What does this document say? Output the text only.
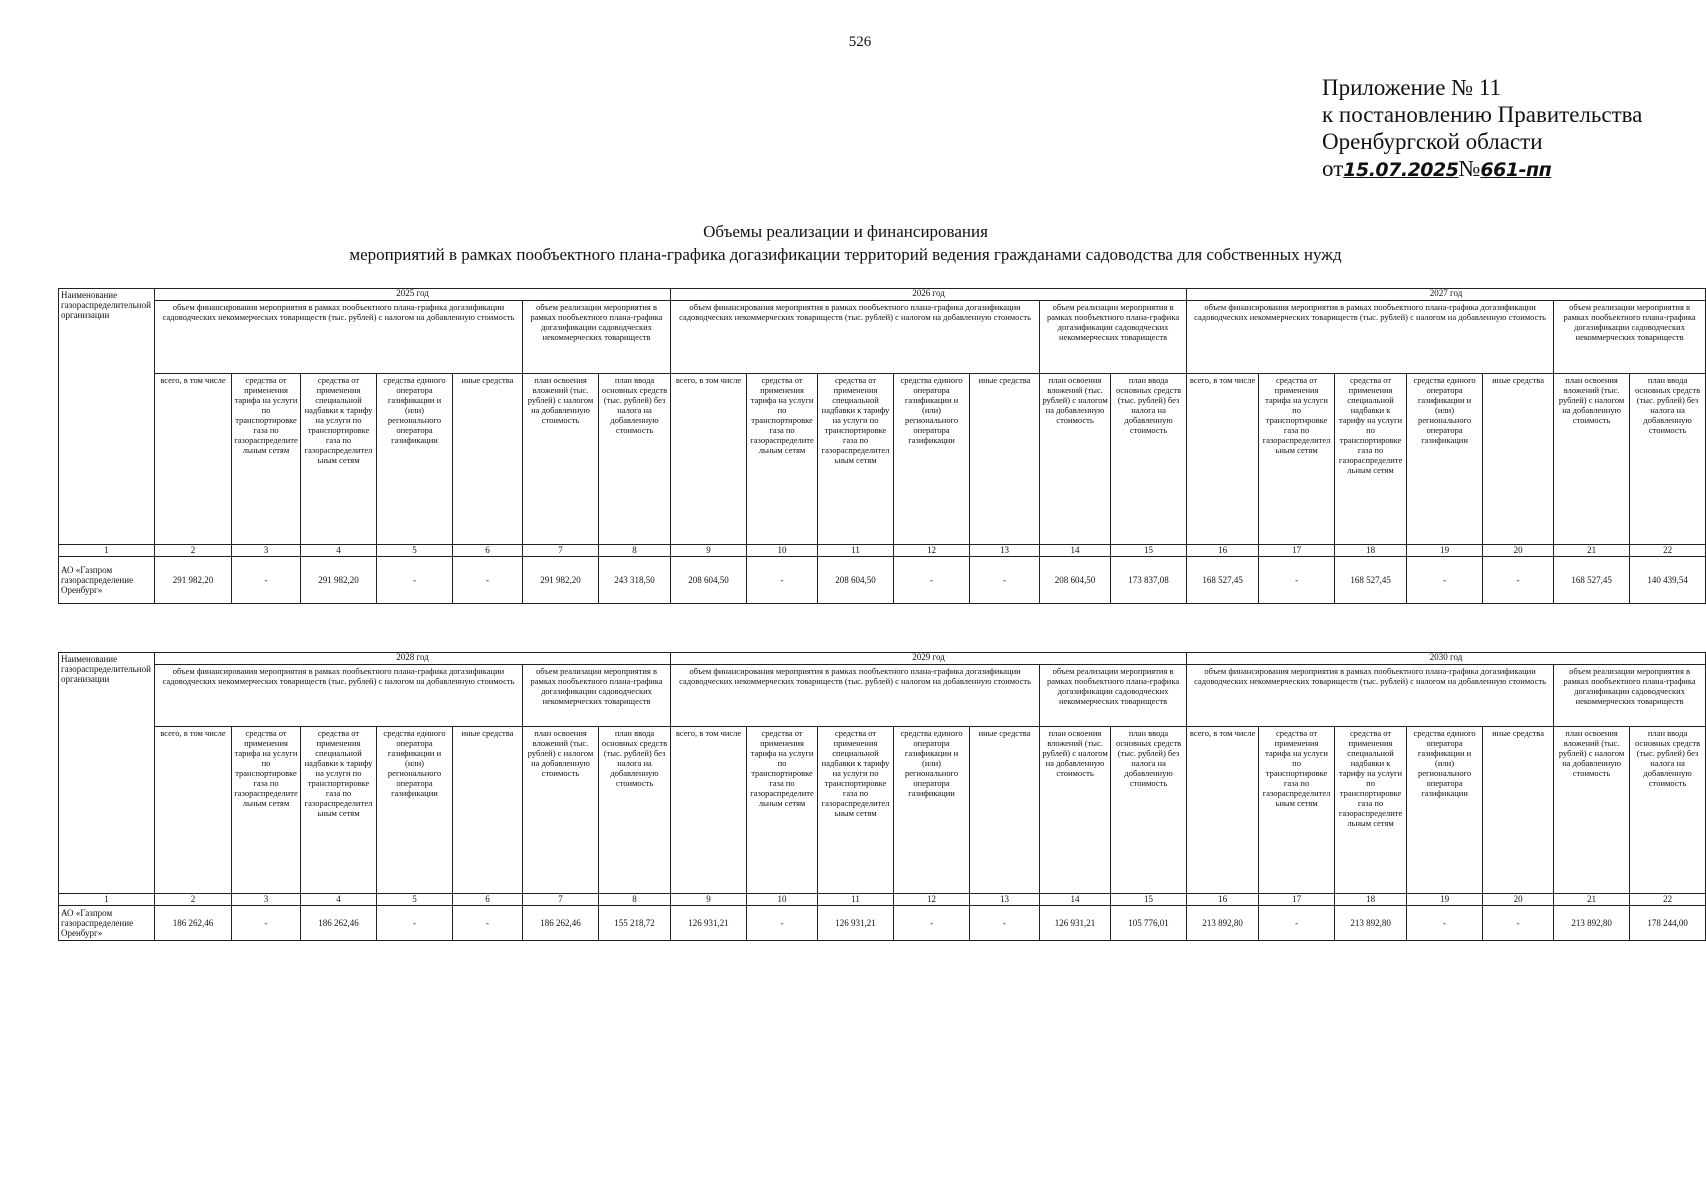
526
Приложение № 11
к постановлению Правительства
Оренбургской области
от15.07.2025№661-пп
Объемы реализации и финансирования
мероприятий в рамках пообъектного плана-графика догазификации территорий ведения гражданами садоводства для собственных нужд
Наименование газораспределительной организации	2025 год							2026 год							2027 год						
	объем финансирования мероприятия в рамках пообъектного плана-графика догазификации садоводческих некоммерческих товариществ (тыс. рублей) с налогом на добавленную стоимость					объем реализации мероприятия в рамках пообъектного плана-графика догазификации садоводческих некоммерческих товариществ		объем финансирования мероприятия в рамках пообъектного плана-графика догазификации садоводческих некоммерческих товариществ (тыс. рублей) с налогом на добавленную стоимость					объем реализации мероприятия в рамках пообъектного плана-графика догазификации садоводческих некоммерческих товариществ		объем финансирования мероприятия в рамках пообъектного плана-графика догазификации садоводческих некоммерческих товариществ (тыс. рублей) с налогом на добавленную стоимость					объем реализации мероприятия в рамках пообъектного плана-графика догазификации садоводческих некоммерческих товариществ	
	всего, в том числе	средства от применения тарифа на услуги по транспортировке газа по газораспределительным сетям	средства от применения специальной надбавки к тарифу на услуги по транспортировке газа по газораспределительным сетям	средства единого оператора газификации и (или) регионального оператора газификации	иные средства	план освоения вложений (тыс. рублей) с налогом на добавленную стоимость	план ввода основных средств (тыс. рублей) без налога на добавленную стоимость	всего, в том числе	средства от применения тарифа на услуги по транспортировке газа по газораспределительным сетям	средства от применения специальной надбавки к тарифу на услуги по транспортировке газа по газораспределительным сетям	средства единого оператора газификации и (или) регионального оператора газификации	иные средства	план освоения вложений (тыс. рублей) с налогом на добавленную стоимость	план ввода основных средств (тыс. рублей) без налога на добавленную стоимость	всего, в том числе	средства от применения тарифа на услуги по транспортировке газа по газораспределительным сетям	средства от применения специальной надбавки к тарифу на услуги по транспортировке газа по газораспределительным сетям	средства единого оператора газификации и (или) регионального оператора газификации	иные средства	план освоения вложений (тыс. рублей) с налогом на добавленную стоимость	план ввода основных средств (тыс. рублей) без налога на добавленную стоимость
1	2	3	4	5	6	7	8	9	10	11	12	13	14	15	16	17	18	19	20	21	22
АО «Газпром газораспределение Оренбург»	291 982,20	-	291 982,20	-	-	291 982,20	243 318,50	208 604,50	-	208 604,50	-	-	208 604,50	173 837,08	168 527,45	-	168 527,45	-	-	168 527,45	140 439,54
Наименование газораспределительной организации	2028 год							2029 год							2030 год						
	объем финансирования мероприятия в рамках пообъектного плана-графика догазификации садоводческих некоммерческих товариществ (тыс. рублей) с налогом на добавленную стоимость					объем реализации мероприятия в рамках пообъектного плана-графика догазификации садоводческих некоммерческих товариществ		объем финансирования мероприятия в рамках пообъектного плана-графика догазификации садоводческих некоммерческих товариществ (тыс. рублей) с налогом на добавленную стоимость					объем реализации мероприятия в рамках пообъектного плана-графика догазификации садоводческих некоммерческих товариществ		объем финансирования мероприятия в рамках пообъектного плана-графика догазификации садоводческих некоммерческих товариществ (тыс. рублей) с налогом на добавленную стоимость					объем реализации мероприятия в рамках пообъектного плана-графика догазификации садоводческих некоммерческих товариществ	
	всего, в том числе	средства от применения тарифа на услуги по транспортировке газа по газораспределительным сетям	средства от применения специальной надбавки к тарифу на услуги по транспортировке газа по газораспределительным сетям	средства единого оператора газификации и (или) регионального оператора газификации	иные средства	план освоения вложений (тыс. рублей) с налогом на добавленную стоимость	план ввода основных средств (тыс. рублей) без налога на добавленную стоимость	всего, в том числе	средства от применения тарифа на услуги по транспортировке газа по газораспределительным сетям	средства от применения специальной надбавки к тарифу на услуги по транспортировке газа по газораспределительным сетям	средства единого оператора газификации и (или) регионального оператора газификации	иные средства	план освоения вложений (тыс. рублей) с налогом на добавленную стоимость	план ввода основных средств (тыс. рублей) без налога на добавленную стоимость	всего, в том числе	средства от применения тарифа на услуги по транспортировке газа по газораспределительным сетям	средства от применения специальной надбавки к тарифу на услуги по транспортировке газа по газораспределительным сетям	средства единого оператора газификации и (или) регионального оператора газификации	иные средства	план освоения вложений (тыс. рублей) с налогом на добавленную стоимость	план ввода основных средств (тыс. рублей) без налога на добавленную стоимость
1	2	3	4	5	6	7	8	9	10	11	12	13	14	15	16	17	18	19	20	21	22
АО «Газпром газораспределение Оренбург»	186 262,46	-	186 262,46	-	-	186 262,46	155 218,72	126 931,21	-	126 931,21	-	-	126 931,21	105 776,01	213 892,80	-	213 892,80	-	-	213 892,80	178 244,00
